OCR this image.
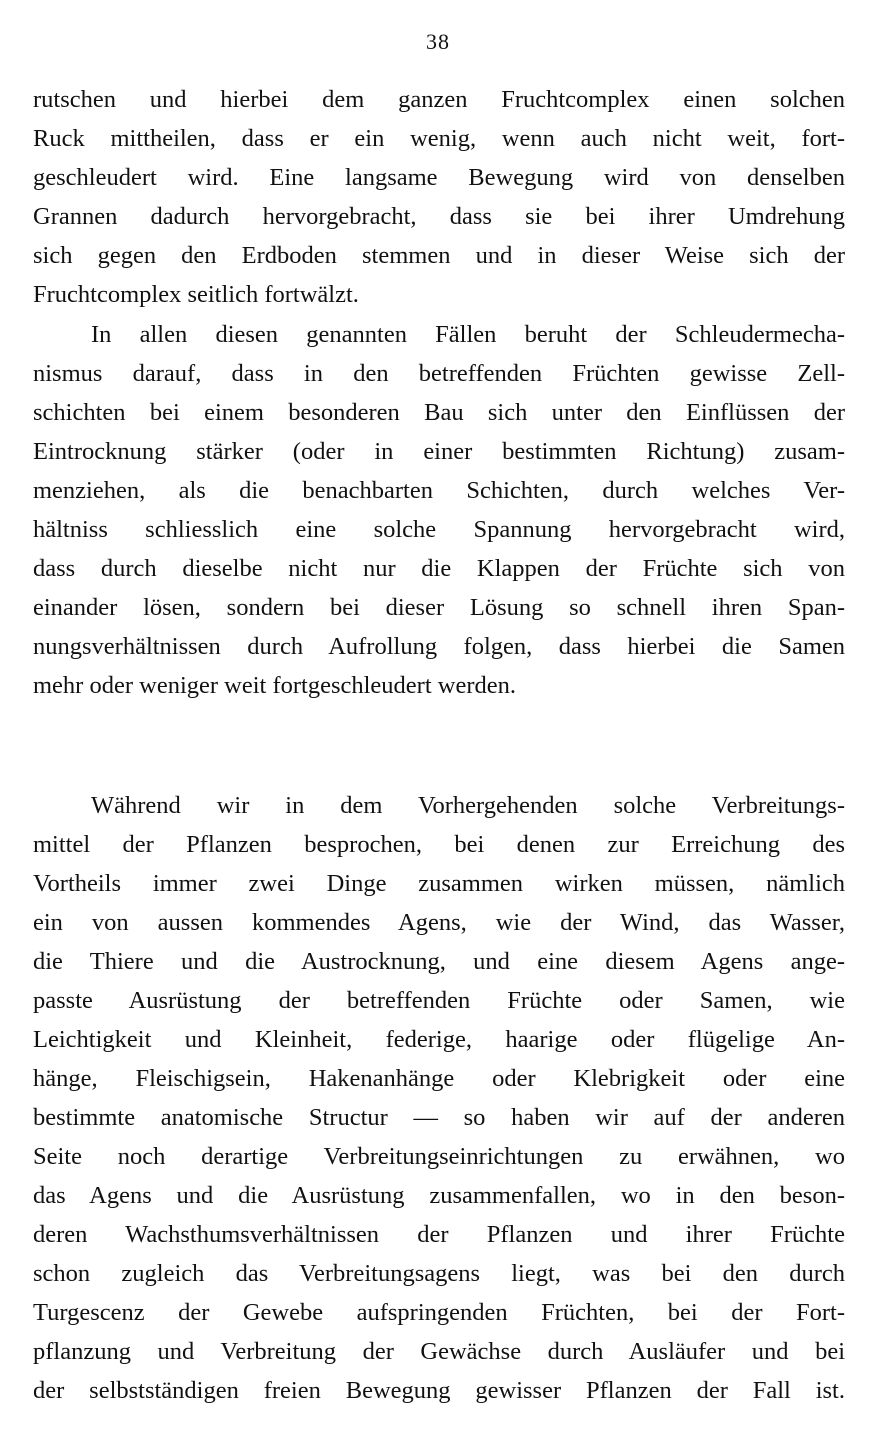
38
rutschen und hierbei dem ganzen Fruchtcomplex einen solchen
Ruck mittheilen, dass er ein wenig, wenn auch nicht weit, fort-
geschleudert wird. Eine langsame Bewegung wird von denselben
Grannen dadurch hervorgebracht, dass sie bei ihrer Umdrehung
sich gegen den Erdboden stemmen und in dieser Weise sich der
Fruchtcomplex seitlich fortwälzt.
In allen diesen genannten Fällen beruht der Schleudermecha-
nismus darauf, dass in den betreffenden Früchten gewisse Zell-
schichten bei einem besonderen Bau sich unter den Einflüssen der
Eintrocknung stärker (oder in einer bestimmten Richtung) zusam-
menziehen, als die benachbarten Schichten, durch welches Ver-
hältniss schliesslich eine solche Spannung hervorgebracht wird,
dass durch dieselbe nicht nur die Klappen der Früchte sich von
einander lösen, sondern bei dieser Lösung so schnell ihren Span-
nungsverhältnissen durch Aufrollung folgen, dass hierbei die Samen
mehr oder weniger weit fortgeschleudert werden.
Während wir in dem Vorhergehenden solche Verbreitungs-
mittel der Pflanzen besprochen, bei denen zur Erreichung des
Vortheils immer zwei Dinge zusammen wirken müssen, nämlich
ein von aussen kommendes Agens, wie der Wind, das Wasser,
die Thiere und die Austrocknung, und eine diesem Agens ange-
passte Ausrüstung der betreffenden Früchte oder Samen, wie
Leichtigkeit und Kleinheit, federige, haarige oder flügelige An-
hänge, Fleischigsein, Hakenanhänge oder Klebrigkeit oder eine
bestimmte anatomische Structur — so haben wir auf der anderen
Seite noch derartige Verbreitungseinrichtungen zu erwähnen, wo
das Agens und die Ausrüstung zusammenfallen, wo in den beson-
deren Wachsthumsverhältnissen der Pflanzen und ihrer Früchte
schon zugleich das Verbreitungsagens liegt, was bei den durch
Turgescenz der Gewebe aufspringenden Früchten, bei der Fort-
pflanzung und Verbreitung der Gewächse durch Ausläufer und bei
der selbstständigen freien Bewegung gewisser Pflanzen der Fall ist.
